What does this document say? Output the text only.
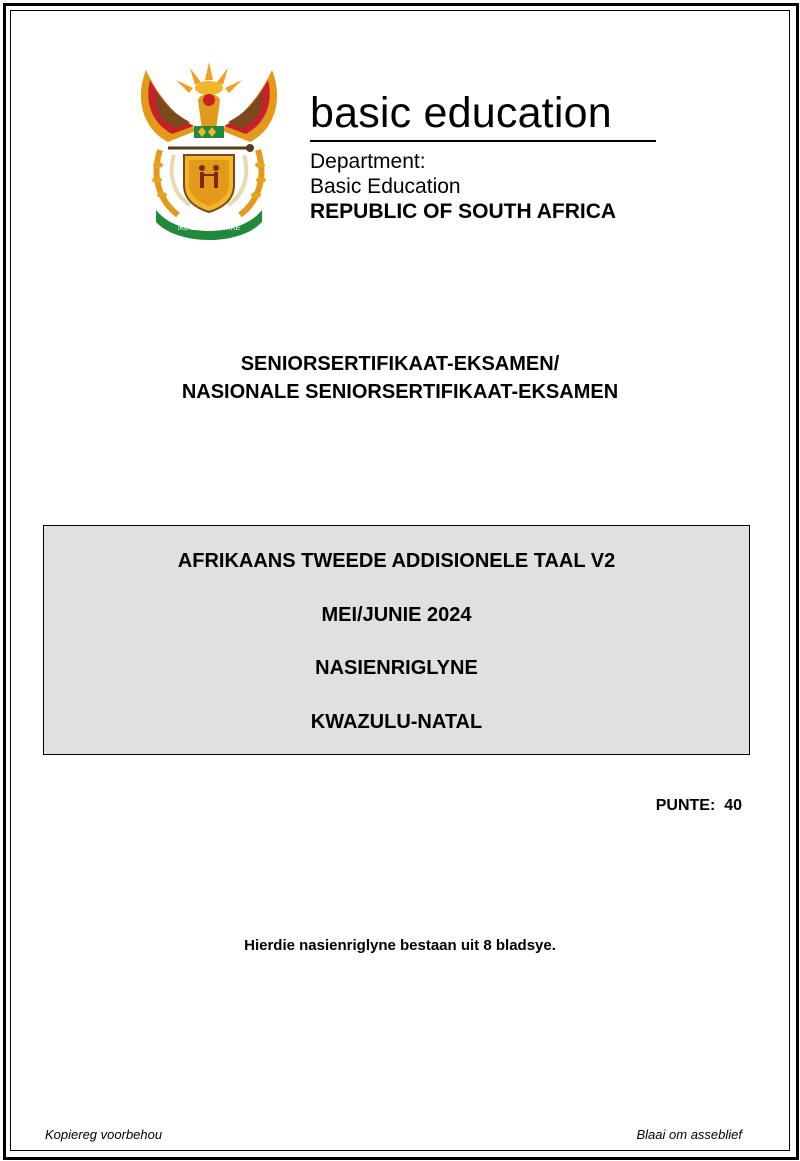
!KE E: /XARRA //KE
basic education
Department:
Basic Education
REPUBLIC OF SOUTH AFRICA
SENIORSERTIFIKAAT-EKSAMEN/
NASIONALE SENIORSERTIFIKAAT-EKSAMEN
AFRIKAANS TWEEDE ADDISIONELE TAAL V2
MEI/JUNIE 2024
NASIENRIGLYNE
KWAZULU-NATAL
PUNTE: 40
Hierdie nasienriglyne bestaan uit 8 bladsye.
Kopiereg voorbehou	Blaai om asseblief
